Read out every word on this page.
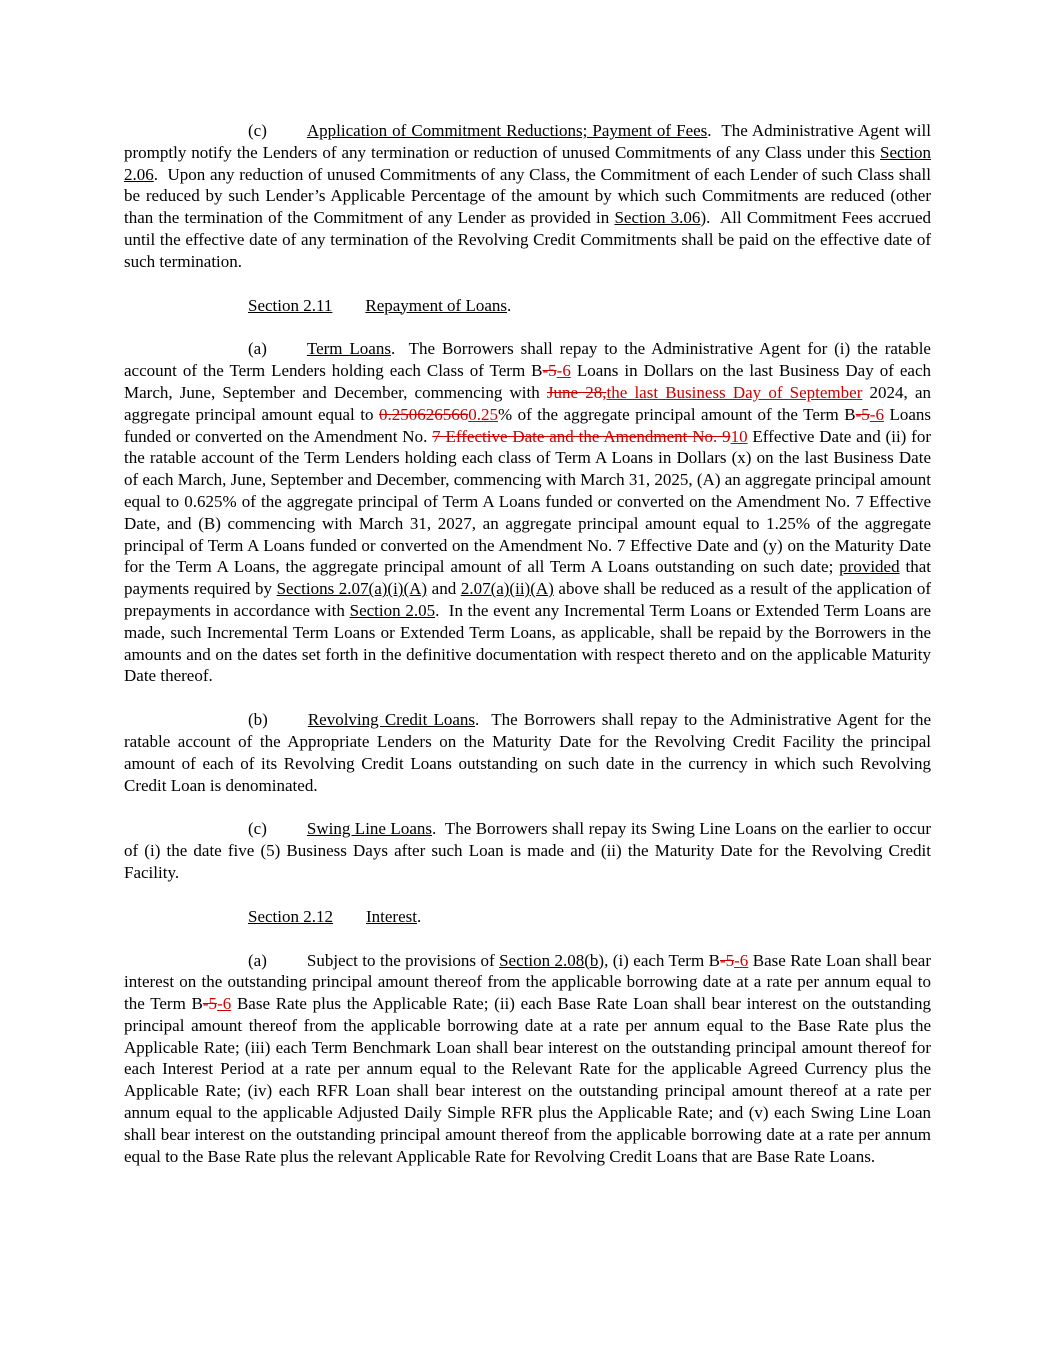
(c) Application of Commitment Reductions; Payment of Fees.  The Administrative Agent will promptly notify the Lenders of any termination or reduction of unused Commitments of any Class under this Section 2.06.  Upon any reduction of unused Commitments of any Class, the Commitment of each Lender of such Class shall be reduced by such Lender’s Applicable Percentage of the amount by which such Commitments are reduced (other than the termination of the Commitment of any Lender as provided in Section 3.06).  All Commitment Fees accrued until the effective date of any termination of the Revolving Credit Commitments shall be paid on the effective date of such termination.

Section 2.11 Repayment of Loans.

(a) Term Loans.  The Borrowers shall repay to the Administrative Agent for (i) the ratable account of the Term Lenders holding each Class of Term B-5-6 Loans in Dollars on the last Business Day of each March, June, September and December, commencing with June 28,the last Business Day of September 2024, an aggregate principal amount equal to 0.2506265660.25% of the aggregate principal amount of the Term B-5-6 Loans funded or converted on the Amendment No. 7 Effective Date and the Amendment No. 910 Effective Date and (ii) for the ratable account of the Term Lenders holding each class of Term A Loans in Dollars (x) on the last Business Date of each March, June, September and December, commencing with March 31, 2025, (A) an aggregate principal amount equal to 0.625% of the aggregate principal of Term A Loans funded or converted on the Amendment No. 7 Effective Date, and (B) commencing with March 31, 2027, an aggregate principal amount equal to 1.25% of the aggregate principal of Term A Loans funded or converted on the Amendment No. 7 Effective Date and (y) on the Maturity Date for the Term A Loans, the aggregate principal amount of all Term A Loans outstanding on such date; provided that payments required by Sections 2.07(a)(i)(A) and 2.07(a)(ii)(A) above shall be reduced as a result of the application of prepayments in accordance with Section 2.05.  In the event any Incremental Term Loans or Extended Term Loans are made, such Incremental Term Loans or Extended Term Loans, as applicable, shall be repaid by the Borrowers in the amounts and on the dates set forth in the definitive documentation with respect thereto and on the applicable Maturity Date thereof.

(b) Revolving Credit Loans.  The Borrowers shall repay to the Administrative Agent for the ratable account of the Appropriate Lenders on the Maturity Date for the Revolving Credit Facility the principal amount of each of its Revolving Credit Loans outstanding on such date in the currency in which such Revolving Credit Loan is denominated.

(c) Swing Line Loans.  The Borrowers shall repay its Swing Line Loans on the earlier to occur of (i) the date five (5) Business Days after such Loan is made and (ii) the Maturity Date for the Revolving Credit Facility.

Section 2.12 Interest.

(a) Subject to the provisions of Section 2.08(b), (i) each Term B-5-6 Base Rate Loan shall bear interest on the outstanding principal amount thereof from the applicable borrowing date at a rate per annum equal to the Term B-5-6 Base Rate plus the Applicable Rate; (ii) each Base Rate Loan shall bear interest on the outstanding principal amount thereof from the applicable borrowing date at a rate per annum equal to the Base Rate plus the Applicable Rate; (iii) each Term Benchmark Loan shall bear interest on the outstanding principal amount thereof for each Interest Period at a rate per annum equal to the Relevant Rate for the applicable Agreed Currency plus the Applicable Rate; (iv) each RFR Loan shall bear interest on the outstanding principal amount thereof at a rate per annum equal to the applicable Adjusted Daily Simple RFR plus the Applicable Rate; and (v) each Swing Line Loan shall bear interest on the outstanding principal amount thereof from the applicable borrowing date at a rate per annum equal to the Base Rate plus the relevant Applicable Rate for Revolving Credit Loans that are Base Rate Loans.
